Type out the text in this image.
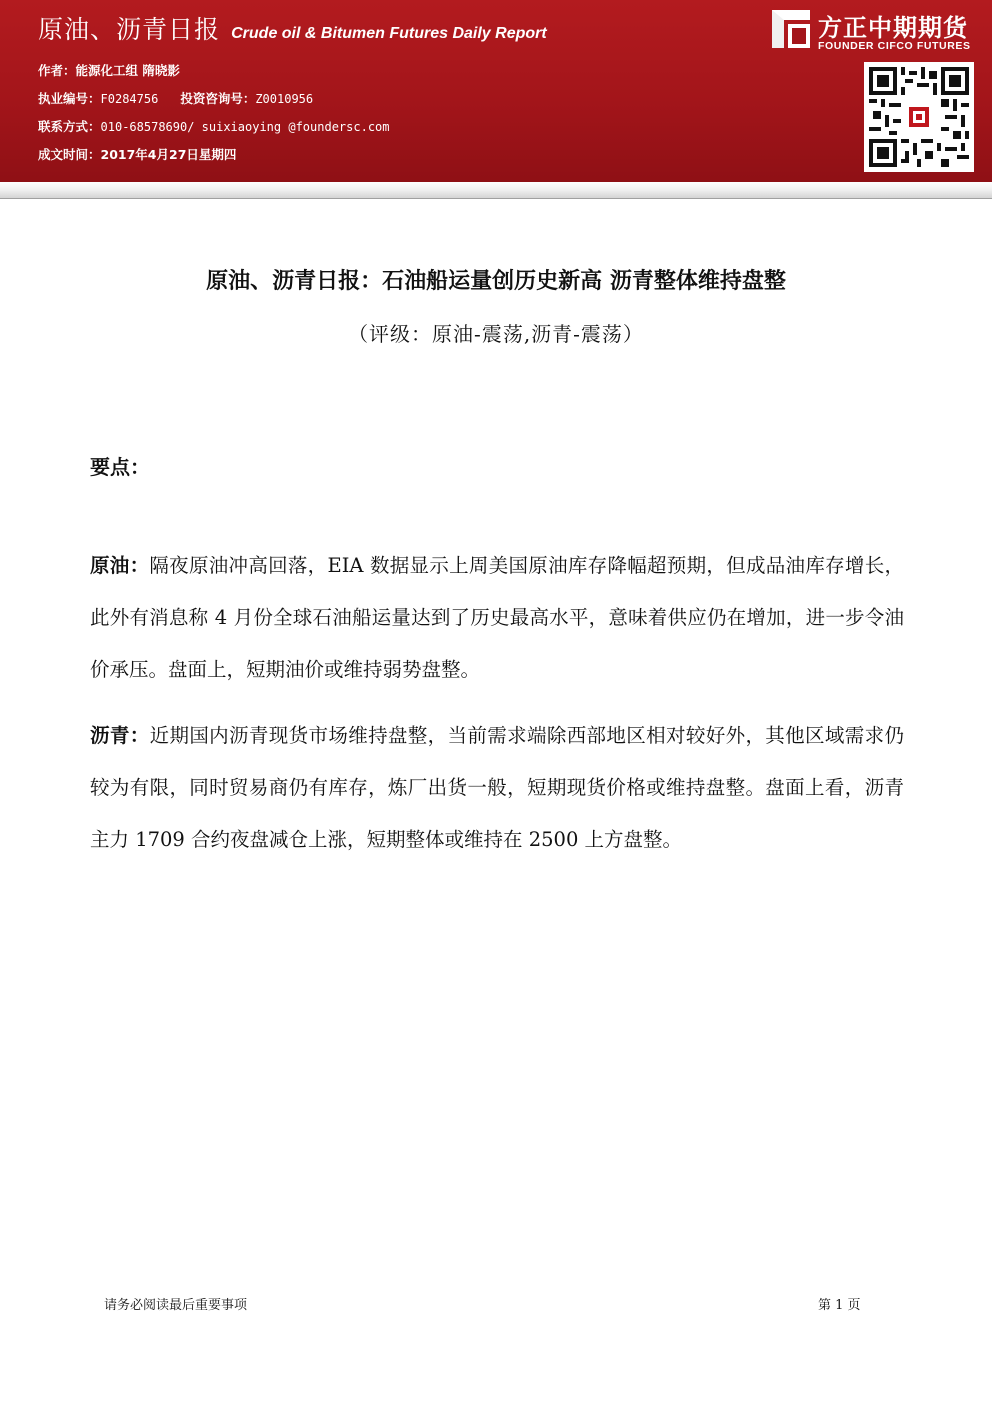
原油、沥青日报 Crude oil & Bitumen Futures Daily Report
作者：能源化工组 隋晓影
执业编号：F0284756 投资咨询号：Z0010956
联系方式：010-68578690/ suixiaoying @foundersc.com
成文时间：2017年4月27日星期四
方正中期期货
FOUNDER CIFCO FUTURES
原油、沥青日报：石油船运量创历史新高 沥青整体维持盘整
（评级：原油-震荡,沥青-震荡）
要点：
原油：隔夜原油冲高回落，EIA 数据显示上周美国原油库存降幅超预期，但成品油库存增长，此外有消息称 4 月份全球石油船运量达到了历史最高水平，意味着供应仍在增加，进一步令油价承压。盘面上，短期油价或维持弱势盘整。
沥青：近期国内沥青现货市场维持盘整，当前需求端除西部地区相对较好外，其他区域需求仍较为有限，同时贸易商仍有库存，炼厂出货一般，短期现货价格或维持盘整。盘面上看，沥青主力 1709 合约夜盘减仓上涨，短期整体或维持在 2500 上方盘整。
请务必阅读最后重要事项	第 1 页
